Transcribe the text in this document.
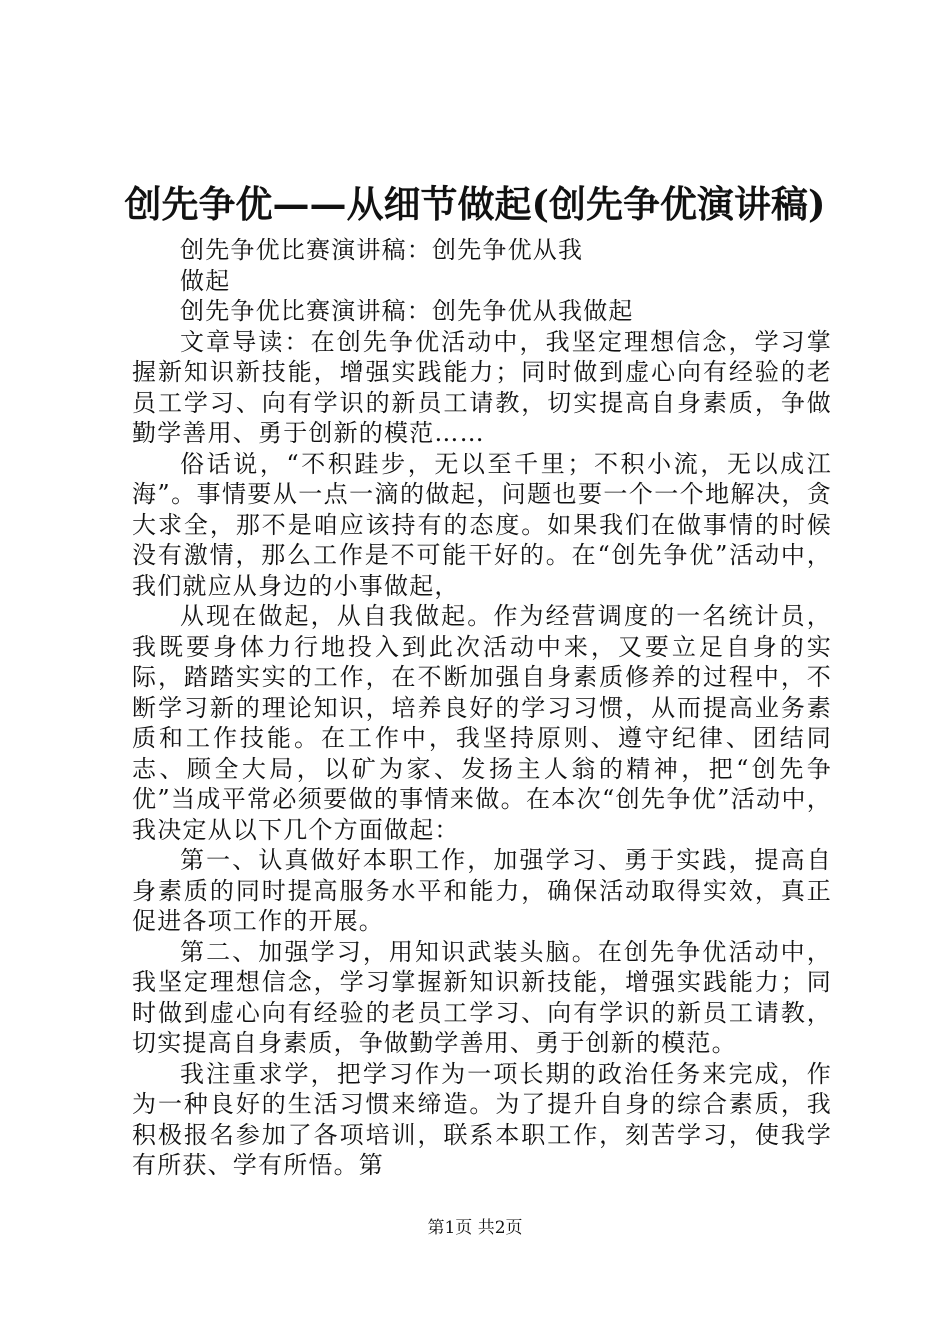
创先争优——从细节做起(创先争优演讲稿)

创先争优比赛演讲稿：创先争优从我做起

创先争优比赛演讲稿：创先争优从我做起

文章导读：在创先争优活动中，我坚定理想信念，学习掌握新知识新技能，增强实践能力；同时做到虚心向有经验的老员工学习、向有学识的新员工请教，切实提高自身素质，争做勤学善用、勇于创新的模范……

俗话说，“不积跬步，无以至千里；不积小流，无以成江海”。事情要从一点一滴的做起，问题也要一个一个地解决，贪大求全，那不是咱应该持有的态度。如果我们在做事情的时候没有激情，那么工作是不可能干好的。在“创先争优”活动中，我们就应从身边的小事做起，

从现在做起，从自我做起。作为经营调度的一名统计员，我既要身体力行地投入到此次活动中来，又要立足自身的实际，踏踏实实的工作，在不断加强自身素质修养的过程中，不断学习新的理论知识，培养良好的学习习惯，从而提高业务素质和工作技能。在工作中，我坚持原则、遵守纪律、团结同志、顾全大局，以矿为家、发扬主人翁的精神，把“创先争优”当成平常必须要做的事情来做。在本次“创先争优”活动中，我决定从以下几个方面做起：

第一、认真做好本职工作，加强学习、勇于实践，提高自身素质的同时提高服务水平和能力，确保活动取得实效，真正促进各项工作的开展。

第二、加强学习，用知识武装头脑。在创先争优活动中，我坚定理想信念，学习掌握新知识新技能，增强实践能力；同时做到虚心向有经验的老员工学习、向有学识的新员工请教，切实提高自身素质，争做勤学善用、勇于创新的模范。

我注重求学，把学习作为一项长期的政治任务来完成，作为一种良好的生活习惯来缔造。为了提升自身的综合素质，我积极报名参加了各项培训，联系本职工作，刻苦学习，使我学有所获、学有所悟。第

第1页 共2页
